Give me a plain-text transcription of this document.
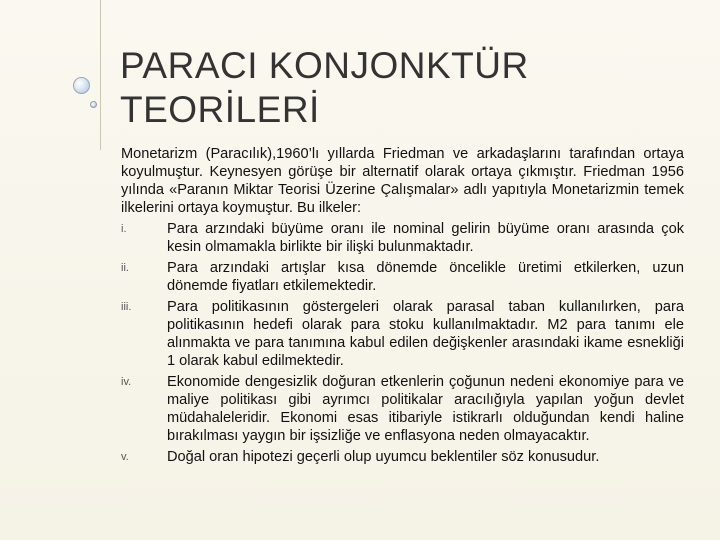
PARACI KONJONKTÜR TEORİLERİ

Monetarizm (Paracılık),1960’lı yıllarda Friedman ve arkadaşlarını tarafından ortaya koyulmuştur. Keynesyen görüşe bir alternatif olarak ortaya çıkmıştır. Friedman 1956 yılında «Paranın Miktar Teorisi Üzerine Çalışmalar» adlı yapıtıyla Monetarizmin temek ilkelerini ortaya koymuştur. Bu ilkeler:

i.	Para arzındaki büyüme oranı ile nominal gelirin büyüme oranı arasında çok kesin olmamakla birlikte bir ilişki bulunmaktadır.
ii.	Para arzındaki artışlar kısa dönemde öncelikle üretimi etkilerken, uzun dönemde fiyatları etkilemektedir.
iii.	Para politikasının göstergeleri olarak parasal taban kullanılırken, para politikasının hedefi olarak para stoku kullanılmaktadır. M2 para tanımı ele alınmakta ve para tanımına kabul edilen değişkenler arasındaki ikame esnekliği 1 olarak kabul edilmektedir.
iv.	Ekonomide dengesizlik doğuran etkenlerin çoğunun nedeni ekonomiye para ve maliye politikası gibi ayrımcı politikalar aracılığıyla yapılan yoğun devlet müdahaleleridir. Ekonomi esas itibariyle istikrarlı olduğundan kendi haline bırakılması yaygın bir işsizliğe ve enflasyona neden olmayacaktır.
v.	Doğal oran hipotezi geçerli olup uyumcu beklentiler söz konusudur.
